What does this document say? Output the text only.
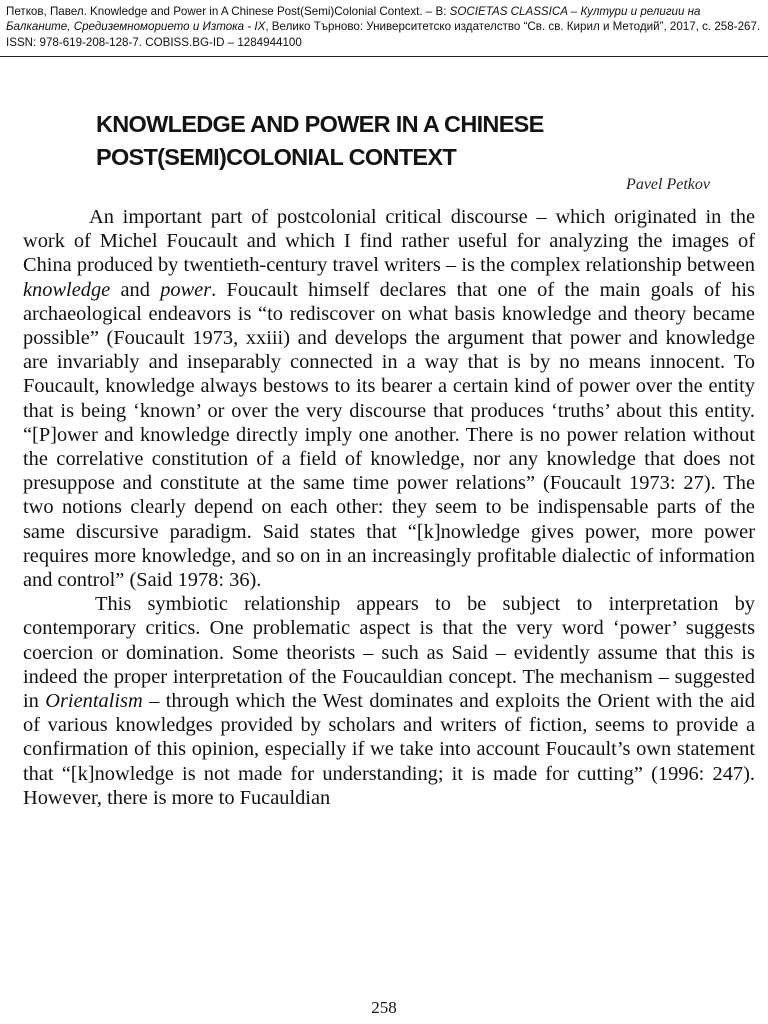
Петков, Павел. Knowledge and Power in A Chinese Post(Semi)Colonial Context. – В: SOCIETAS CLASSICA – Култури и религии на Балканите, Средиземноморието и Изтока - IX, Велико Търново: Университетско издателство “Св. св. Кирил и Методий”, 2017, с. 258-267. ISSN: 978-619-208-128-7. COBISS.BG-ID – 1284944100
KNOWLEDGE AND POWER IN A CHINESE
POST(SEMI)COLONIAL CONTEXT
Pavel Petkov

An important part of postcolonial critical discourse – which originated in the work of Michel Foucault and which I find rather useful for analyzing the images of China produced by twentieth-century travel writers – is the complex relationship between knowledge and power. Foucault himself declares that one of the main goals of his archaeological endeavors is “to rediscover on what basis knowledge and theory became possible” (Foucault 1973, xxiii) and develops the argument that power and knowledge are invariably and inseparably connected in a way that is by no means innocent. To Foucault, knowledge always bestows to its bearer a certain kind of power over the entity that is being ‘known’ or over the very discourse that produces ‘truths’ about this entity. “[P]ower and knowledge directly imply one another. There is no power relation without the correlative constitution of a field of knowledge, nor any knowledge that does not presuppose and constitute at the same time power relations” (Foucault 1973: 27). The two notions clearly depend on each other: they seem to be indispensable parts of the same discursive paradigm. Said states that “[k]nowledge gives power, more power requires more knowledge, and so on in an increasingly profitable dialectic of information and control” (Said 1978: 36).

This symbiotic relationship appears to be subject to interpretation by contemporary critics. One problematic aspect is that the very word ‘power’ suggests coercion or domination. Some theorists – such as Said – evidently assume that this is indeed the proper interpretation of the Foucauldian concept. The mechanism – suggested in Orientalism – through which the West dominates and exploits the Orient with the aid of various knowledges provided by scholars and writers of fiction, seems to provide a confirmation of this opinion, especially if we take into account Foucault’s own statement that “[k]nowledge is not made for understanding; it is made for cutting” (1996: 247). However, there is more to Fucauldian

258
